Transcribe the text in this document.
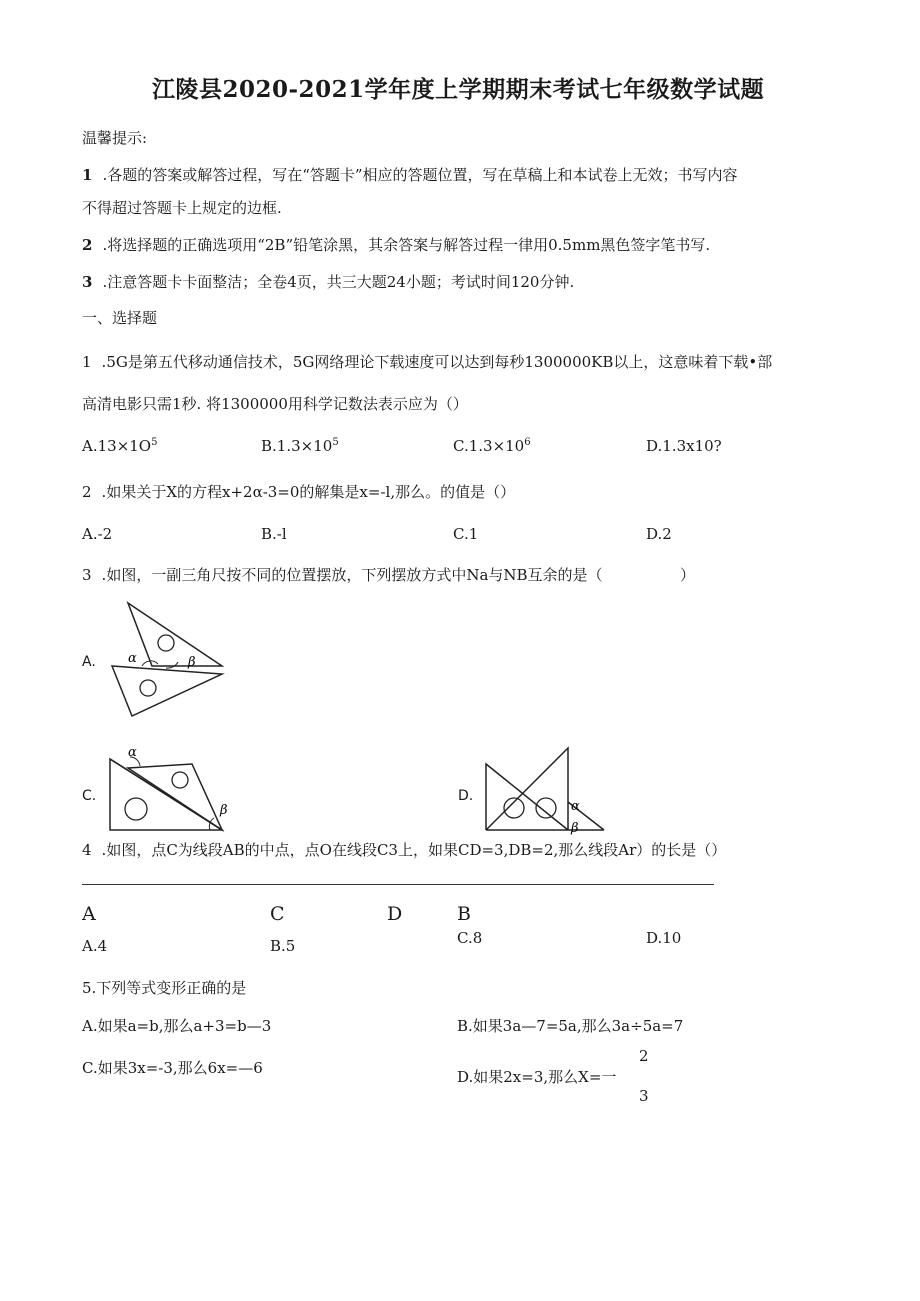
江陵县2020-2021学年度上学期期末考试七年级数学试题
温馨提示:
1 .各题的答案或解答过程，写在“答题卡”相应的答题位置，写在草稿上和本试卷上无效；书写内容
不得超过答题卡上规定的边框.
2 .将选择题的正确选项用“2B”铅笔涂黑，其余答案与解答过程一律用0.5mm黑色签字笔书写.
3 .注意答题卡卡面整洁；全卷4页，共三大题24小题；考试时间120分钟.
一、选择题
1 .5G是第五代移动通信技术，5G网络理论下载速度可以达到每秒1300000KB以上，这意味着下载•部
高清电影只需1秒. 将1300000用科学记数法表示应为（）
$A.13\times 1O^5$	$B.1.3\times 10^5$	$C.1.3\times 10^6$	D.1.3x10?
2 .如果关于X的方程x+2α-3=0的解集是x=-l,那么。的值是（）
A.-2	B.-l	C.1	D.2
3 .如图，一副三角尺按不同的位置摆放，下列摆放方式中Na与NB互余的是（	）
A. α	β
C.
α
β
D.
α
β
4 .如图，点C为线段AB的中点，点O在线段C3上，如果CD=3,DB=2,那么线段Ar）的长是（）
A	C	D	B
A.4	B.5	C.8	D.10
5.下列等式变形正确的是
A.如果a=b,那么a+3=b—3	B.如果3a—7=5a,那么3a÷5a=7
C.如果3x=-3,那么6x=—6	D.如果2x=3,那么X=一
2
3
